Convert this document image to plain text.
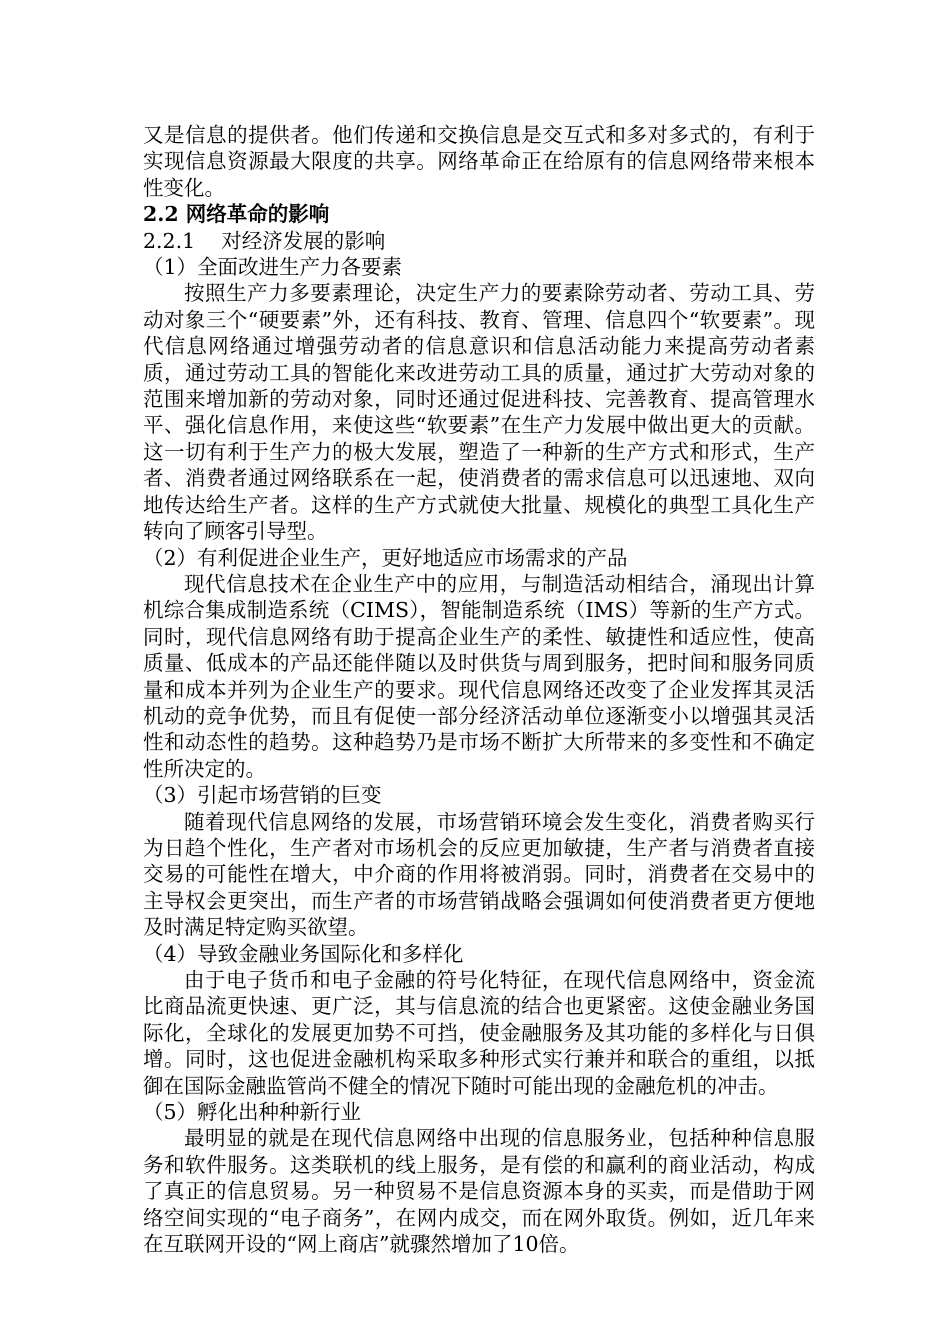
又是信息的提供者。他们传递和交换信息是交互式和多对多式的，有利于实现信息资源最大限度的共享。网络革命正在给原有的信息网络带来根本性变化。

2.2 网络革命的影响

2.2.1    对经济发展的影响

（1）全面改进生产力各要素

按照生产力多要素理论，决定生产力的要素除劳动者、劳动工具、劳动对象三个“硬要素”外，还有科技、教育、管理、信息四个“软要素”。现代信息网络通过增强劳动者的信息意识和信息活动能力来提高劳动者素质，通过劳动工具的智能化来改进劳动工具的质量，通过扩大劳动对象的范围来增加新的劳动对象，同时还通过促进科技、完善教育、提高管理水平、强化信息作用，来使这些“软要素”在生产力发展中做出更大的贡献。这一切有利于生产力的极大发展，塑造了一种新的生产方式和形式，生产者、消费者通过网络联系在一起，使消费者的需求信息可以迅速地、双向地传达给生产者。这样的生产方式就使大批量、规模化的典型工具化生产转向了顾客引导型。

（2）有利促进企业生产，更好地适应市场需求的产品

现代信息技术在企业生产中的应用，与制造活动相结合，涌现出计算机综合集成制造系统（CIMS），智能制造系统（IMS）等新的生产方式。同时，现代信息网络有助于提高企业生产的柔性、敏捷性和适应性，使高质量、低成本的产品还能伴随以及时供货与周到服务，把时间和服务同质量和成本并列为企业生产的要求。现代信息网络还改变了企业发挥其灵活机动的竞争优势，而且有促使一部分经济活动单位逐渐变小以增强其灵活性和动态性的趋势。这种趋势乃是市场不断扩大所带来的多变性和不确定性所决定的。

（3）引起市场营销的巨变

随着现代信息网络的发展，市场营销环境会发生变化，消费者购买行为日趋个性化，生产者对市场机会的反应更加敏捷，生产者与消费者直接交易的可能性在增大，中介商的作用将被消弱。同时，消费者在交易中的主导权会更突出，而生产者的市场营销战略会强调如何使消费者更方便地及时满足特定购买欲望。

（4）导致金融业务国际化和多样化

由于电子货币和电子金融的符号化特征，在现代信息网络中，资金流比商品流更快速、更广泛，其与信息流的结合也更紧密。这使金融业务国际化，全球化的发展更加势不可挡，使金融服务及其功能的多样化与日俱增。同时，这也促进金融机构采取多种形式实行兼并和联合的重组，以抵御在国际金融监管尚不健全的情况下随时可能出现的金融危机的冲击。

（5）孵化出种种新行业

最明显的就是在现代信息网络中出现的信息服务业，包括种种信息服务和软件服务。这类联机的线上服务，是有偿的和赢利的商业活动，构成了真正的信息贸易。另一种贸易不是信息资源本身的买卖，而是借助于网络空间实现的“电子商务”，在网内成交，而在网外取货。例如，近几年来在互联网开设的“网上商店”就骤然增加了10倍。
